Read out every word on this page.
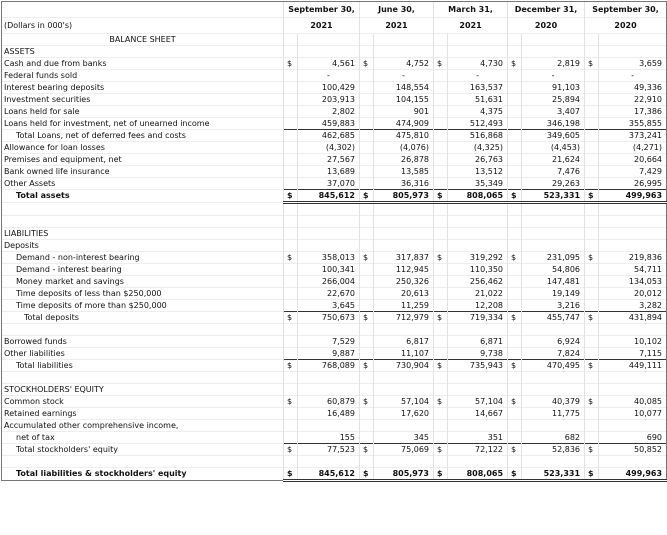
	September 30,		June 30,		March 31,		December 31,		September 30,	
(Dollars in 000's)	2021		2021		2021		2020		2020	
BALANCE SHEET										
ASSETS										
Cash and due from banks	$	4,561	$	4,752	$	4,730	$	2,819	$	3,659
Federal funds sold		-		-		-		-		-
Interest bearing deposits		100,429		148,554		163,537		91,103		49,336
Investment securities		203,913		104,155		51,631		25,894		22,910
Loans held for sale		2,802		901		4,375		3,407		17,386
Loans held for investment, net of unearned income		459,883		474,909		512,493		346,198		355,855
Total Loans, net of deferred fees and costs		462,685		475,810		516,868		349,605		373,241
Allowance for loan losses		(4,302)		(4,076)		(4,325)		(4,453)		(4,271)
Premises and equipment, net		27,567		26,878		26,763		21,624		20,664
Bank owned life insurance		13,689		13,585		13,512		7,476		7,429
Other Assets		37,070		36,316		35,349		29,263		26,995
Total assets	$	845,612	$	805,973	$	808,065	$	523,331	$	499,963

LIABILITIES										
Deposits										
Demand - non-interest bearing	$	358,013	$	317,837	$	319,292	$	231,095	$	219,836
Demand - interest bearing		100,341		112,945		110,350		54,806		54,711
Money market and savings		266,004		250,326		256,462		147,481		134,053
Time deposits of less than $250,000		22,670		20,613		21,022		19,149		20,012
Time deposits of more than $250,000		3,645		11,259		12,208		3,216		3,282
Total deposits	$	750,673	$	712,979	$	719,334	$	455,747	$	431,894

Borrowed funds		7,529		6,817		6,871		6,924		10,102
Other liabilities		9,887		11,107		9,738		7,824		7,115
Total liabilities	$	768,089	$	730,904	$	735,943	$	470,495	$	449,111

STOCKHOLDERS' EQUITY										
Common stock	$	60,879	$	57,104	$	57,104	$	40,379	$	40,085
Retained earnings		16,489		17,620		14,667		11,775		10,077
Accumulated other comprehensive income,										
net of tax		155		345		351		682		690
Total stockholders' equity	$	77,523	$	75,069	$	72,122	$	52,836	$	50,852

Total liabilities & stockholders' equity	$	845,612	$	805,973	$	808,065	$	523,331	$	499,963
